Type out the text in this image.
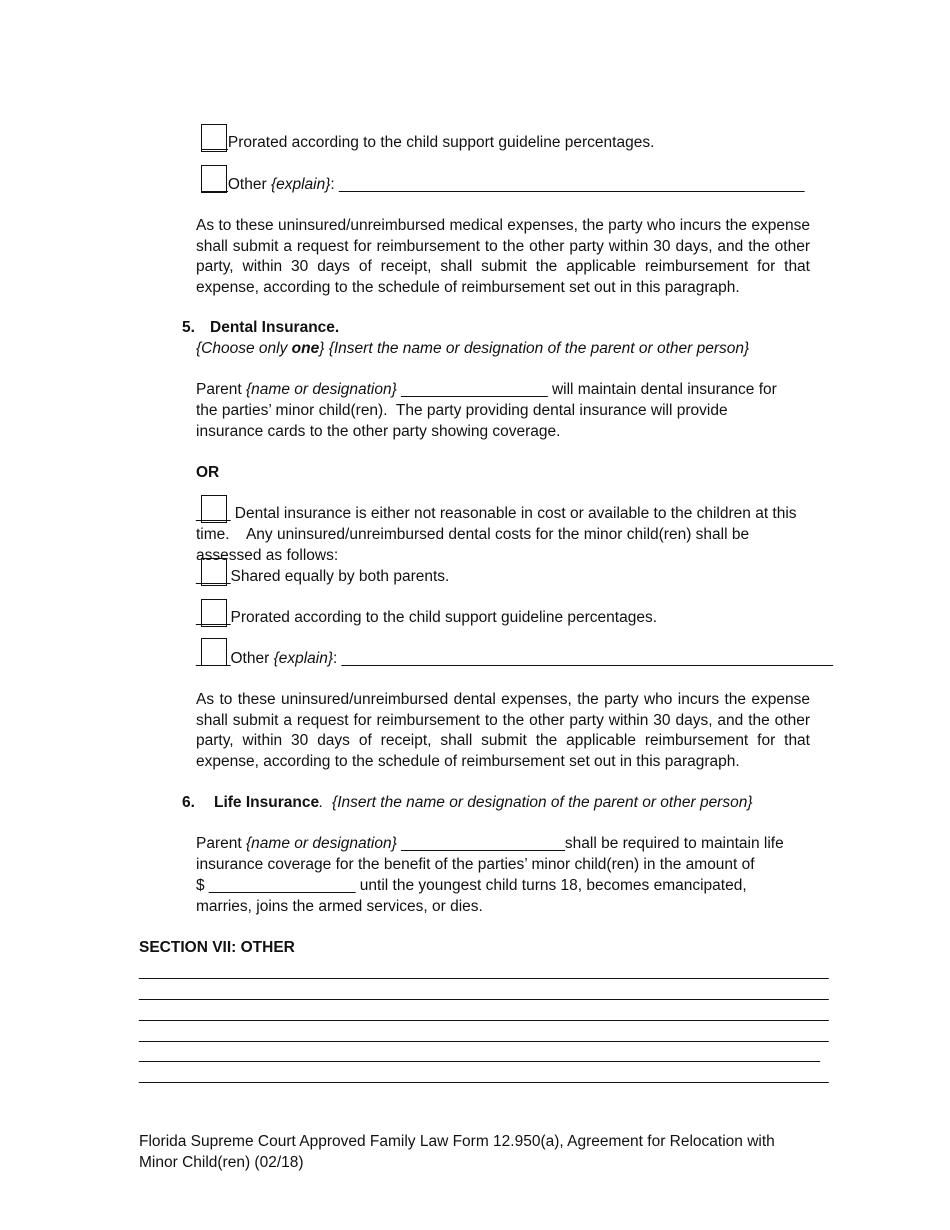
___Prorated according to the child support guideline percentages.
___Other {explain}: ______________________________________________________
As to these uninsured/unreimbursed medical expenses, the party who incurs the expense shall submit a request for reimbursement to the other party within 30 days, and the other party, within 30 days of receipt, shall submit the applicable reimbursement for that expense, according to the schedule of reimbursement set out in this paragraph.
5. Dental Insurance.
{Choose only one} {Insert the name or designation of the parent or other person}
Parent {name or designation} _________________ will maintain dental insurance for
the parties’ minor child(ren).  The party providing dental insurance will provide
insurance cards to the other party showing coverage.
OR
____ Dental insurance is either not reasonable in cost or available to the children at this
time.    Any uninsured/unreimbursed dental costs for the minor child(ren) shall be
assessed as follows:
____Shared equally by both parents.
____Prorated according to the child support guideline percentages.
____Other {explain}: _________________________________________________________
As to these uninsured/unreimbursed dental expenses, the party who incurs the expense shall submit a request for reimbursement to the other party within 30 days, and the other party, within 30 days of receipt, shall submit the applicable reimbursement for that expense, according to the schedule of reimbursement set out in this paragraph.
6. Life Insurance.  {Insert the name or designation of the parent or other person}
Parent {name or designation} ___________________shall be required to maintain life
insurance coverage for the benefit of the parties’ minor child(ren) in the amount of
$ _________________ until the youngest child turns 18, becomes emancipated,
marries, joins the armed services, or dies.
SECTION VII: OTHER
________________________________________________________________________________
________________________________________________________________________________
________________________________________________________________________________
________________________________________________________________________________
_______________________________________________________________________________
________________________________________________________________________________
Florida Supreme Court Approved Family Law Form 12.950(a), Agreement for Relocation with
Minor Child(ren) (02/18)
